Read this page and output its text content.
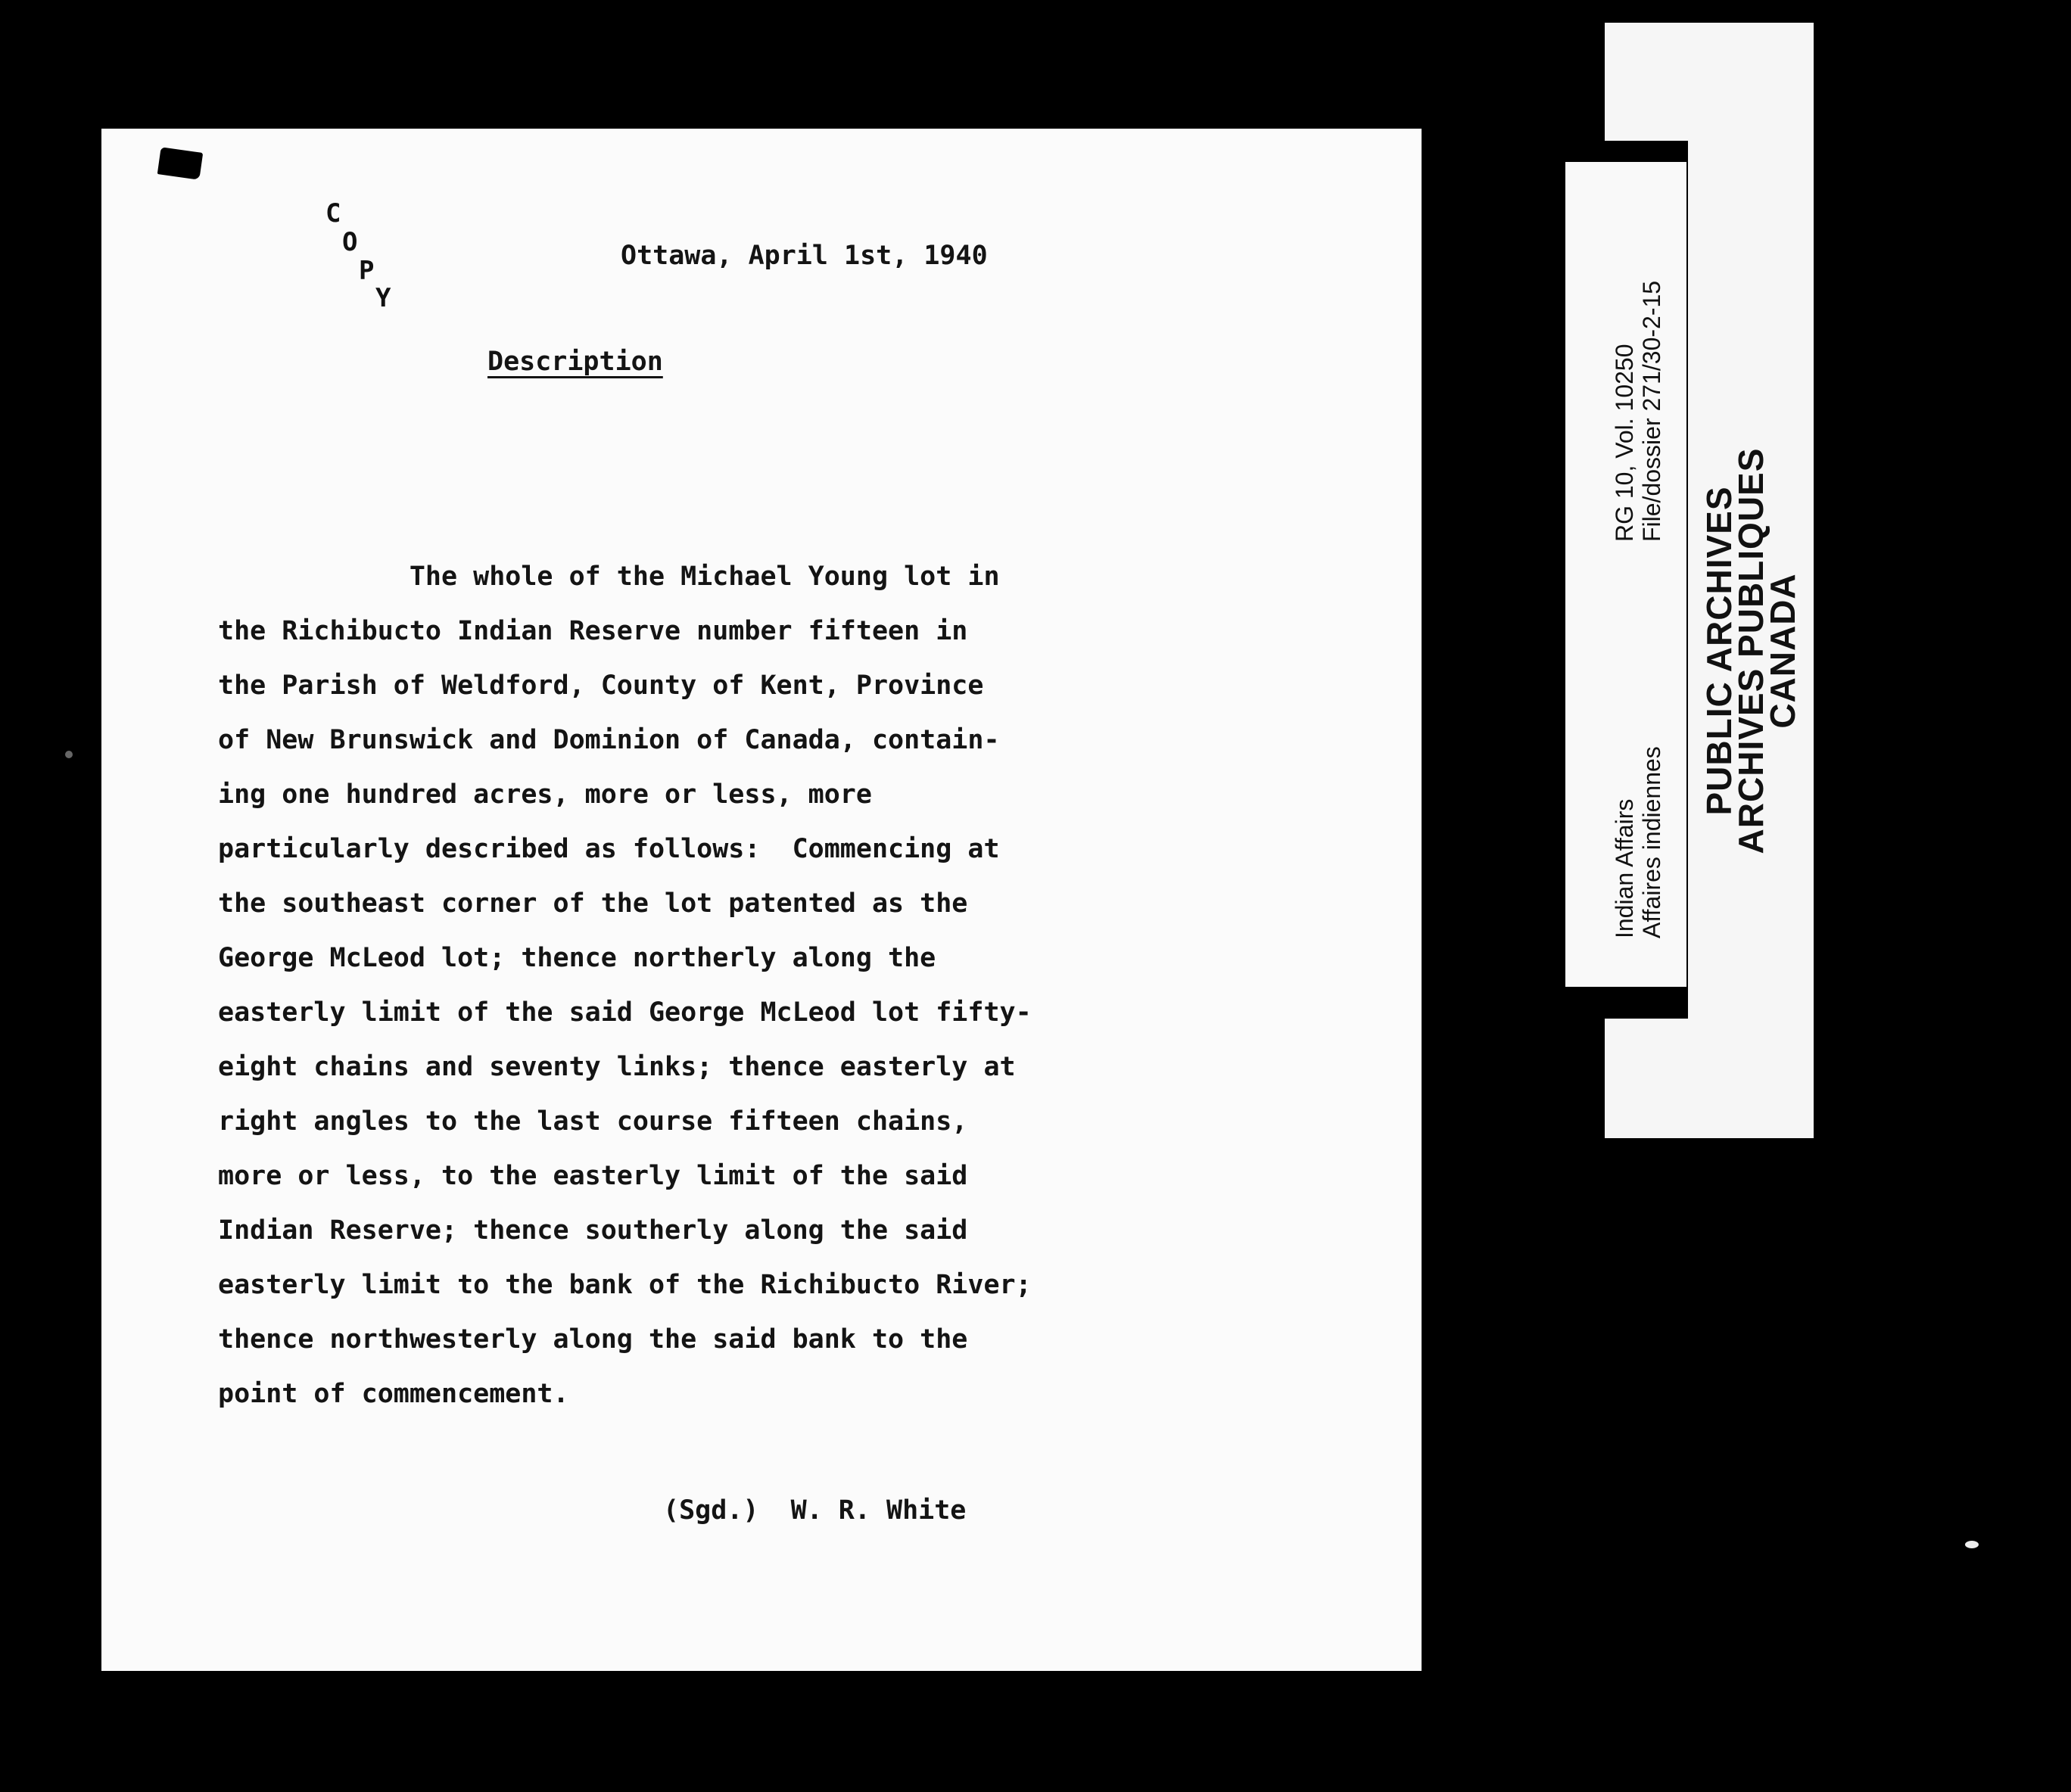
C
O
P
Y
Ottawa, April 1st, 1940
Description
The whole of the Michael Young lot in
the Richibucto Indian Reserve number fifteen in
the Parish of Weldford, County of Kent, Province
of New Brunswick and Dominion of Canada, contain-
ing one hundred acres, more or less, more
particularly described as follows:  Commencing at
the southeast corner of the lot patented as the
George McLeod lot; thence northerly along the
easterly limit of the said George McLeod lot fifty-
eight chains and seventy links; thence easterly at
right angles to the last course fifteen chains,
more or less, to the easterly limit of the said
Indian Reserve; thence southerly along the said
easterly limit to the bank of the Richibucto River;
thence northwesterly along the said bank to the
point of commencement.
(Sgd.)  W. R. White
RG 10, Vol. 10250 File/dossier 271/30-2-15
Indian Affairs Affaires indiennes
PUBLIC ARCHIVES
ARCHIVES PUBLIQUES
CANADA
